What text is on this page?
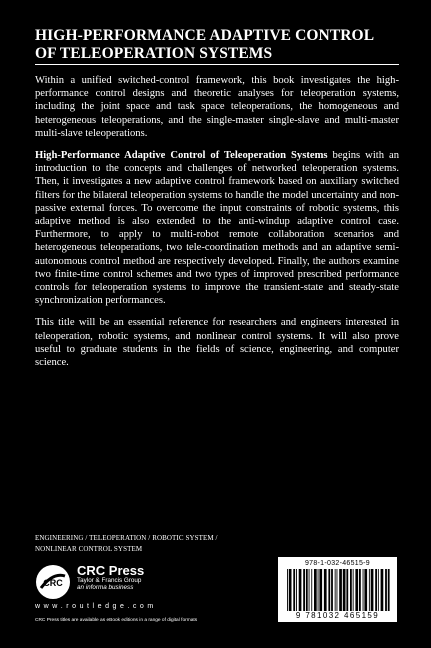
HIGH-PERFORMANCE ADAPTIVE CONTROL
OF TELEOPERATION SYSTEMS

Within a unified switched-control framework, this book investigates the high-performance control designs and theoretic analyses for teleoperation systems, including the joint space and task space teleoperations, the homogeneous and heterogeneous teleoperations, and the single-master single-slave and multi-master multi-slave teleoperations.

High-Performance Adaptive Control of Teleoperation Systems begins with an introduction to the concepts and challenges of networked teleoperation systems. Then, it investigates a new adaptive control framework based on auxiliary switched filters for the bilateral teleoperation systems to handle the model uncertainty and non-passive external forces. To overcome the input constraints of robotic systems, this adaptive method is also extended to the anti-windup adaptive control case. Furthermore, to apply to multi-robot remote collaboration scenarios and heterogeneous teleoperations, two tele-coordination methods and an adaptive semi-autonomous control method are respectively developed. Finally, the authors examine two finite-time control schemes and two types of improved prescribed performance controls for teleoperation systems to improve the transient-state and steady-state synchronization performances.

This title will be an essential reference for researchers and engineers interested in teleoperation, robotic systems, and nonlinear control systems. It will also prove useful to graduate students in the fields of science, engineering, and computer science.

ENGINEERING / TELEOPERATION / ROBOTIC SYSTEM /
NONLINEAR CONTROL SYSTEM
CRC
CRC Press
Taylor & Francis Group
an informa business
w w w . r o u t l e d g e . c o m
CRC Press titles are available as eBook editions in a range of digital formats
978-1-032-46515-9
9 781032 465159
